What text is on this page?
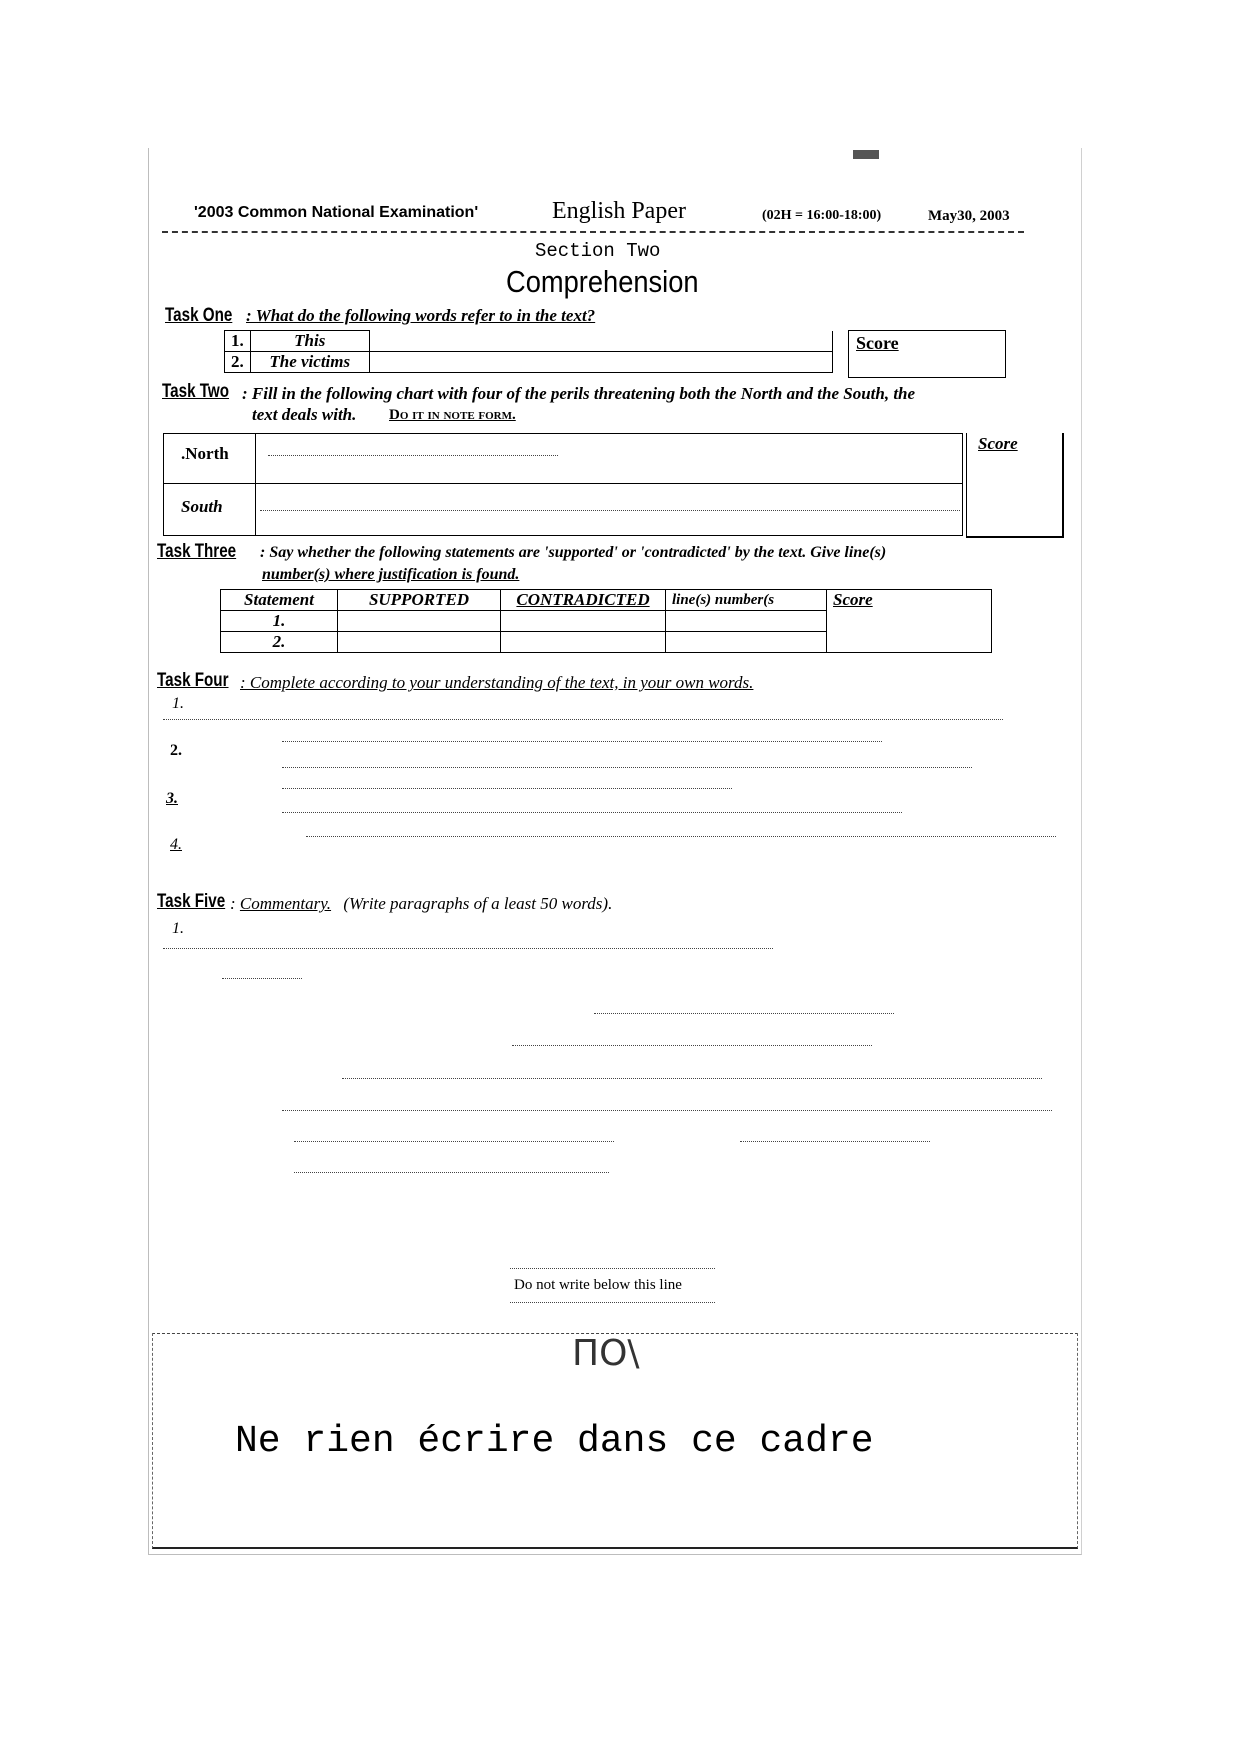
'2003 Common National Examination'	English Paper	(02H = 16:00-18:00)	May30, 2003
Section Two
Comprehension
Task One : What do the following words refer to in the text?
1.	This	
2.	The victims	
Score
Task Two : Fill in the following chart with four of the perils threatening both the North and the South, the
text deals with. Do it in note form.
.North
South
Score
Task Three	: Say whether the following statements are 'supported' or 'contradicted' by the text. Give line(s)
number(s) where justification is found.
Statement	SUPPORTED	CONTRADICTED	line(s) number(s	Score
1.				
2.				
Task Four : Complete according to your understanding of the text, in your own words.
1.
2.
3.
4.
Task Five : Commentary. (Write paragraphs of a least 50 words).
1.
Do not write below this line
ПО\
Ne rien écrire dans ce cadre
